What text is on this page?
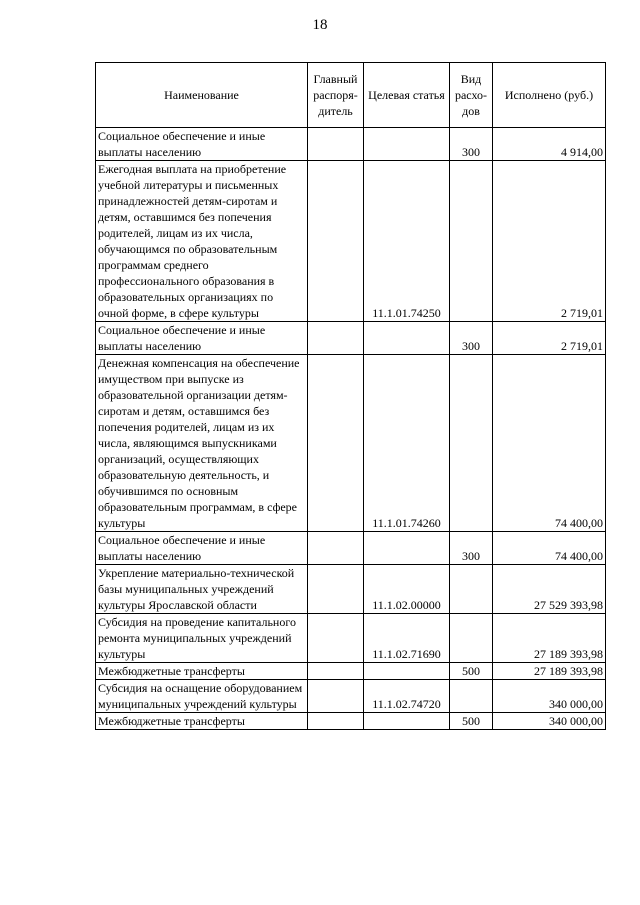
18
Наименование	Главный распоря-дитель	Целевая статья	Вид расхо-дов	Исполнено (руб.)
Социальное обеспечение и иные выплаты населению			300	4 914,00
Ежегодная выплата на приобретение учебной литературы и письменных принадлежностей детям-сиротам и детям, оставшимся без попечения родителей, лицам из их числа, обучающимся по образовательным программам среднего профессионального образования в образовательных организациях по очной форме, в сфере культуры		11.1.01.74250		2 719,01
Социальное обеспечение и иные выплаты населению			300	2 719,01
Денежная компенсация на обеспечение имуществом при выпуске из образовательной организации детям-сиротам и детям, оставшимся без попечения родителей, лицам из их числа, являющимся выпускниками организаций, осуществляющих образовательную деятельность, и обучившимся по основным образовательным программам, в сфере культуры		11.1.01.74260		74 400,00
Социальное обеспечение и иные выплаты населению			300	74 400,00
Укрепление материально-технической базы муниципальных учреждений культуры Ярославской области		11.1.02.00000		27 529 393,98
Субсидия на проведение капитального ремонта муниципальных учреждений культуры		11.1.02.71690		27 189 393,98
Межбюджетные трансферты			500	27 189 393,98
Субсидия на оснащение оборудованием муниципальных учреждений культуры		11.1.02.74720		340 000,00
Межбюджетные трансферты			500	340 000,00
